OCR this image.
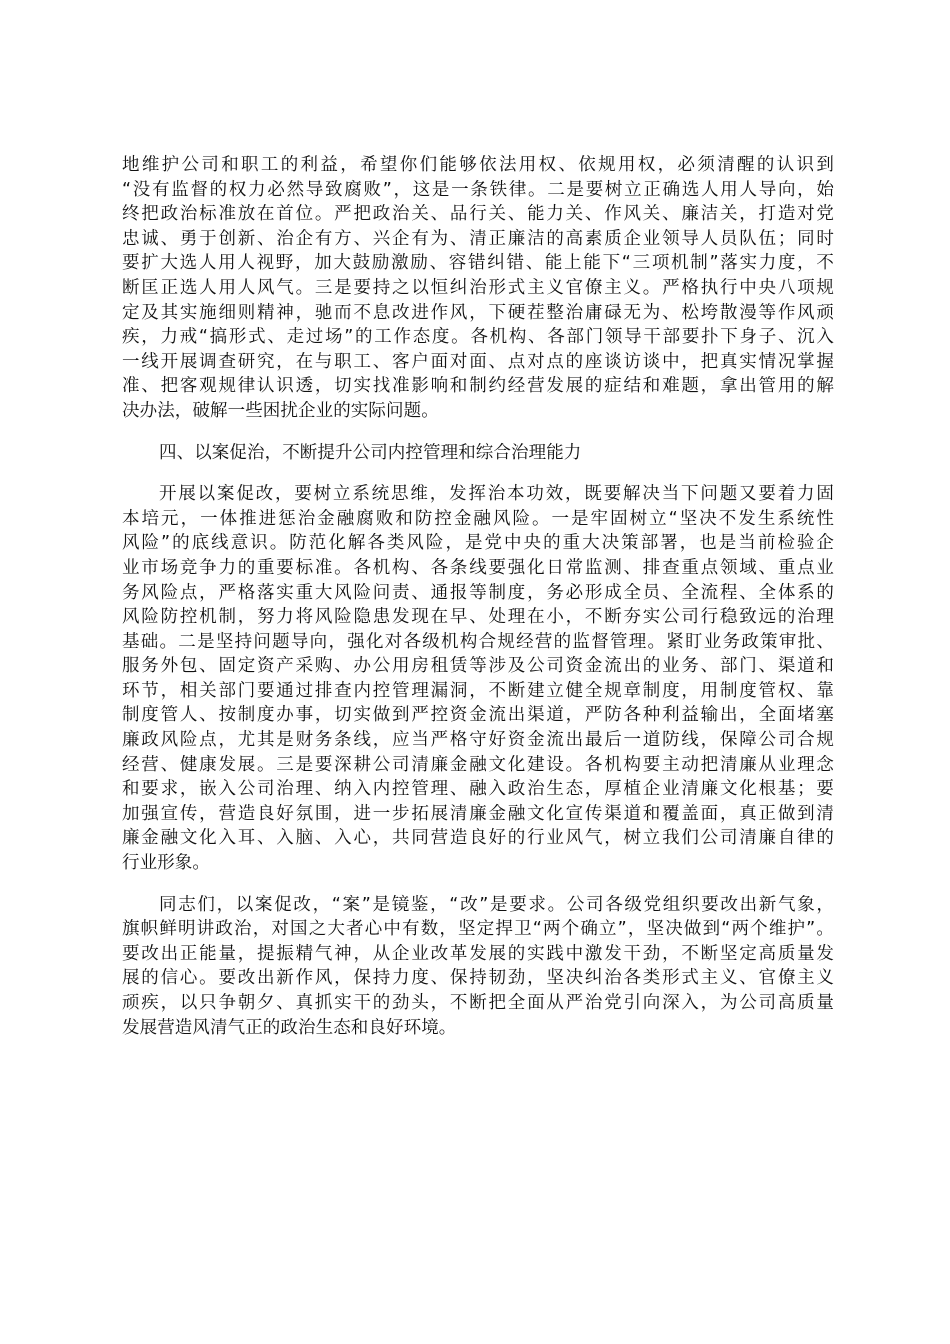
地维护公司和职工的利益，希望你们能够依法用权、依规用权，必须清醒的认识到
“没有监督的权力必然导致腐败”，这是一条铁律。二是要树立正确选人用人导向，始
终把政治标准放在首位。严把政治关、品行关、能力关、作风关、廉洁关，打造对党
忠诚、勇于创新、治企有方、兴企有为、清正廉洁的高素质企业领导人员队伍；同时
要扩大选人用人视野，加大鼓励激励、容错纠错、能上能下“三项机制”落实力度，不
断匡正选人用人风气。三是要持之以恒纠治形式主义官僚主义。严格执行中央八项规
定及其实施细则精神，驰而不息改进作风，下硬茬整治庸碌无为、松垮散漫等作风顽
疾，力戒“搞形式、走过场”的工作态度。各机构、各部门领导干部要扑下身子、沉入
一线开展调查研究，在与职工、客户面对面、点对点的座谈访谈中，把真实情况掌握
准、把客观规律认识透，切实找准影响和制约经营发展的症结和难题，拿出管用的解
决办法，破解一些困扰企业的实际问题。
四、以案促治，不断提升公司内控管理和综合治理能力
开展以案促改，要树立系统思维，发挥治本功效，既要解决当下问题又要着力固
本培元，一体推进惩治金融腐败和防控金融风险。一是牢固树立“坚决不发生系统性
风险”的底线意识。防范化解各类风险，是党中央的重大决策部署，也是当前检验企
业市场竞争力的重要标准。各机构、各条线要强化日常监测、排查重点领域、重点业
务风险点，严格落实重大风险问责、通报等制度，务必形成全员、全流程、全体系的
风险防控机制，努力将风险隐患发现在早、处理在小，不断夯实公司行稳致远的治理
基础。二是坚持问题导向，强化对各级机构合规经营的监督管理。紧盯业务政策审批、
服务外包、固定资产采购、办公用房租赁等涉及公司资金流出的业务、部门、渠道和
环节，相关部门要通过排查内控管理漏洞，不断建立健全规章制度，用制度管权、靠
制度管人、按制度办事，切实做到严控资金流出渠道，严防各种利益输出，全面堵塞
廉政风险点，尤其是财务条线，应当严格守好资金流出最后一道防线，保障公司合规
经营、健康发展。三是要深耕公司清廉金融文化建设。各机构要主动把清廉从业理念
和要求，嵌入公司治理、纳入内控管理、融入政治生态，厚植企业清廉文化根基；要
加强宣传，营造良好氛围，进一步拓展清廉金融文化宣传渠道和覆盖面，真正做到清
廉金融文化入耳、入脑、入心，共同营造良好的行业风气，树立我们公司清廉自律的
行业形象。
同志们，以案促改，“案”是镜鉴，“改”是要求。公司各级党组织要改出新气象，
旗帜鲜明讲政治，对国之大者心中有数，坚定捍卫“两个确立”，坚决做到“两个维护”。
要改出正能量，提振精气神，从企业改革发展的实践中激发干劲，不断坚定高质量发
展的信心。要改出新作风，保持力度、保持韧劲，坚决纠治各类形式主义、官僚主义
顽疾，以只争朝夕、真抓实干的劲头，不断把全面从严治党引向深入，为公司高质量
发展营造风清气正的政治生态和良好环境。
